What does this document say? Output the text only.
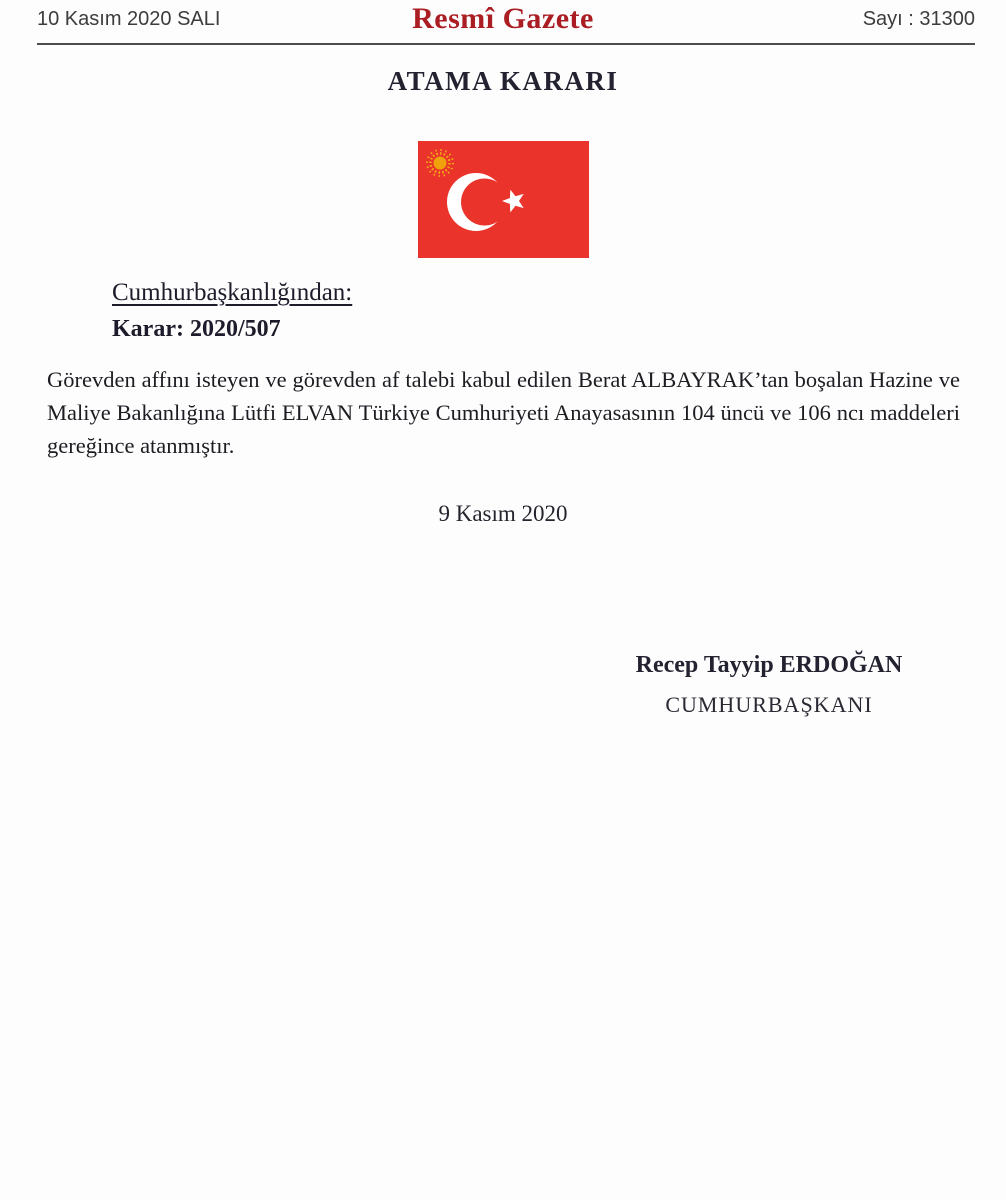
10 Kasım 2020 SALI	Resmî Gazete	Sayı : 31300
ATAMA KARARI
Cumhurbaşkanlığından:
Karar: 2020/507
Görevden affını isteyen ve görevden af talebi kabul edilen Berat ALBAYRAK’tan boşalan Hazine ve Maliye Bakanlığına Lütfi ELVAN Türkiye Cumhuriyeti Anayasasının 104 üncü ve 106 ncı maddeleri gereğince atanmıştır.
9 Kasım 2020
Recep Tayyip ERDOĞAN
CUMHURBAŞKANI
